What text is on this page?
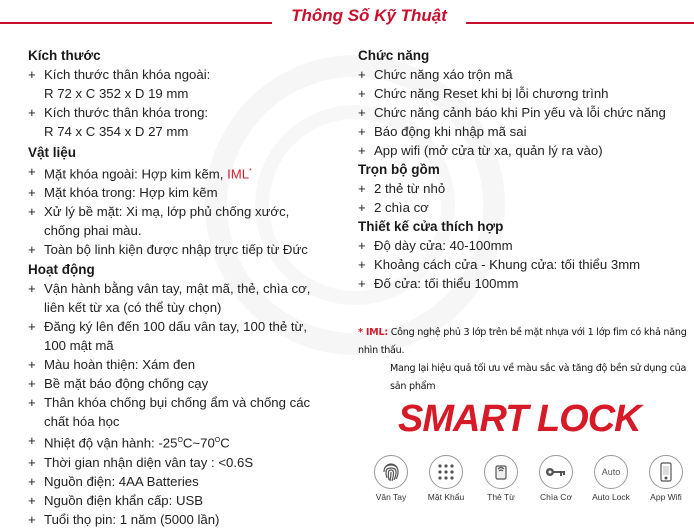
Thông Số Kỹ Thuật
Kích thước
+ Kích thước thân khóa ngoài:
R 72 x C 352 x D 19 mm
+ Kích thước thân khóa trong:
R 74 x C 354 x D 27 mm
Vật liệu
+ Mặt khóa ngoài: Hợp kim kẽm, IML*
+ Mặt khóa trong: Hợp kim kẽm
+ Xử lý bề mặt: Xi mạ, lớp phủ chống xước,
chống phai màu.
+ Toàn bộ linh kiện được nhập trực tiếp từ Đức
Hoạt động
+ Vận hành bằng vân tay, mật mã, thẻ, chìa cơ,
liên kết từ xa (có thể tùy chọn)
+ Đăng ký lên đến 100 dấu vân tay, 100 thẻ từ,
100 mật mã
+ Màu hoàn thiện: Xám đen
+ Bề mặt báo động chống cạy
+ Thân khóa chống bụi chống ẩm và chống các
chất hóa học
+ Nhiệt độ vận hành: $-25^OC\sim 70^OC$
+ Thời gian nhận diện vân tay : <0.6S
+ Nguồn điện: 4AA Batteries
+ Nguồn điện khẩn cấp: USB
+ Tuổi thọ pin: 1 năm (5000 lần)
Chức năng
+ Chức năng xáo trộn mã
+ Chức năng Reset khi bị lỗi chương trình
+ Chức năng cảnh báo khi Pin yếu và lỗi chức năng
+ Báo động khi nhập mã sai
+ App wifi (mở cửa từ xa, quản lý ra vào)
Trọn bộ gồm
+ 2 thẻ từ nhỏ
+ 2 chìa cơ
Thiết kế cửa thích hợp
+ Độ dày cửa: 40-100mm
+ Khoảng cách cửa - Khung cửa: tối thiểu 3mm
+ Đố cửa: tối thiểu 100mm
* IML: Công nghệ phủ 3 lớp trên bề mặt nhựa với 1 lớp fim có khả năng nhìn thấu.
Mang lại hiệu quả tối ưu về màu sắc và tăng độ bền sử dụng của sản phẩm
SMART LOCK
Vân Tay	Mật Khẩu	Thẻ Từ	Chìa Cơ
Auto
Auto Lock	App Wifi
